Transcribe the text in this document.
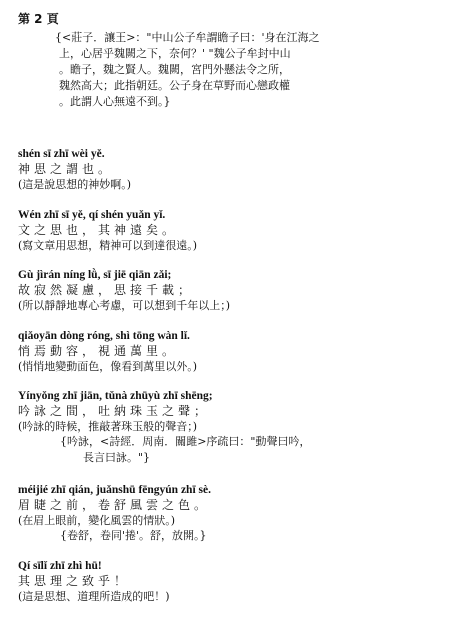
第 2 頁
{<莊子．讓王>："中山公子牟謂瞻子曰：'身在江海之
上，心居乎魏闕之下，奈何？' "魏公子牟封中山
。瞻子，魏之賢人。魏闕，宮門外懸法令之所，
魏然高大；此指朝廷。公子身在草野而心戀政權
。此謂人心無遠不到。}
shén sī zhī wèi yě.
神思之謂也。
(這是說思想的神妙啊。)
Wén zhī sī yě, qí shén yuǎn yǐ.
文之思也，其神遠矣。
(寫文章用思想，精神可以到達很遠。)
Gù jìrán níng lǜ, sī jiē qiān zǎi;
故寂然凝慮，思接千載；
(所以靜靜地專心考慮，可以想到千年以上；)
qiǎoyān dòng róng, shì tōng wàn lǐ.
悄焉動容，視通萬里。
(悄悄地變動面色，像看到萬里以外。)
Yínyǒng zhī jiān, tǔnà zhūyù zhī shēng;
吟詠之間，吐納珠玉之聲；
(吟詠的時候，推敲著珠玉般的聲音；)
{吟詠，<詩經．周南．關雎>序疏曰："動聲曰吟，
長言曰詠。"}
méijié zhī qián, juǎnshū fēngyún zhī sè.
眉睫之前，卷舒風雲之色。
(在眉上眼前，變化風雲的情狀。)
{卷舒，卷同'捲'。舒，放開。}
Qí sīlǐ zhī zhì hū!
其思理之致乎！
(這是思想、道理所造成的吧！)
